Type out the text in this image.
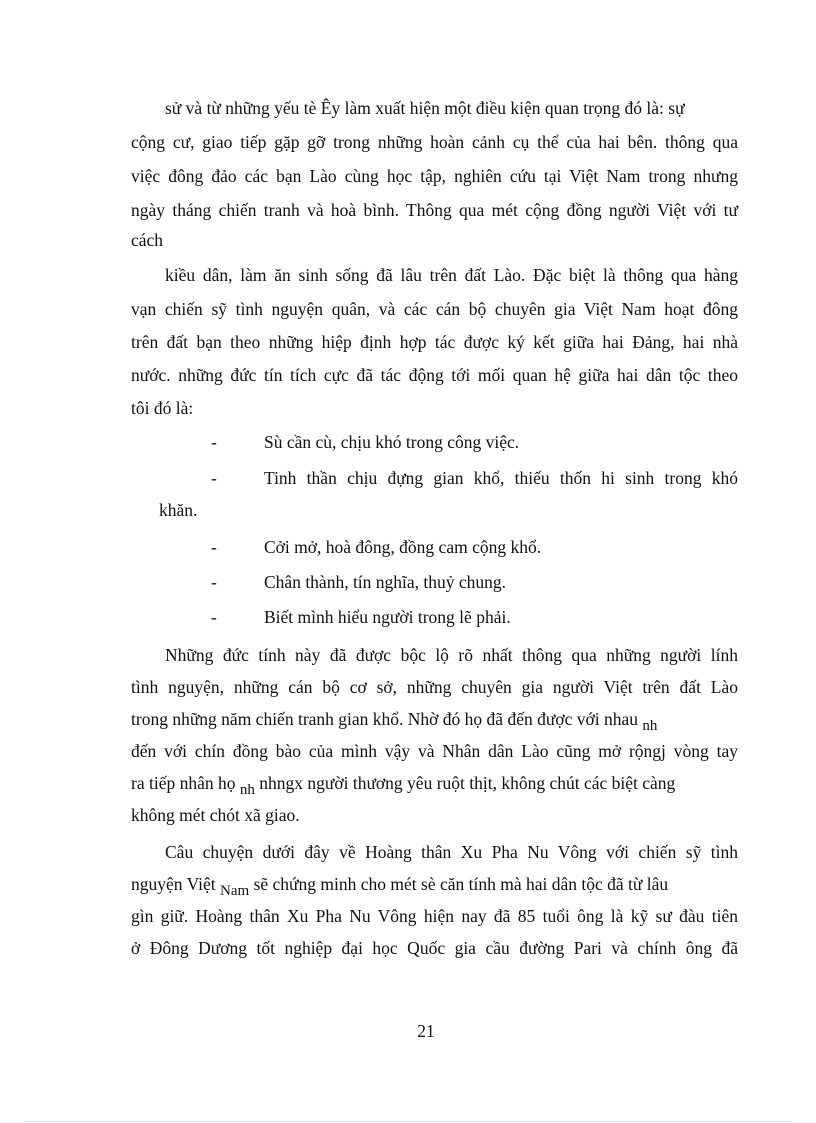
sử và từ những yếu tè Êy làm xuất hiện một điều kiện quan trọng đó là: sự
cộng cư, giao tiếp gặp gỡ trong những hoàn cảnh cụ thể của hai bên. thông qua
việc đông đảo các bạn Lào cùng học tập, nghiên cứu tại Việt Nam trong nhưng
ngày tháng chiến tranh và hoà bình. Thông qua mét cộng đồng người Việt với tư
cách
kiều dân, làm ăn sinh sống đã lâu trên đất Lào. Đặc biệt là thông qua hàng
vạn chiến sỹ tình nguyện quân, và các cán bộ chuyên gia Việt Nam hoạt đông
trên đất bạn theo những hiệp định hợp tác được ký kết giữa hai Đảng, hai nhà
nước. những đức tín tích cực đã tác động tới mối quan hệ giữa hai dân tộc theo
tôi đó là:
-	Sù cần cù, chịu khó trong công việc.
-	Tinh thần chịu đựng gian khổ, thiếu thốn hi sinh trong khó
khăn.
-	Cởi mở, hoà đông, đồng cam cộng khổ.
-	Chân thành, tín nghĩa, thuỷ chung.
-	Biết mình hiểu người trong lẽ phải.
Những đức tính này đã được bộc lộ rõ nhất thông qua những người lính
tình nguyện, những cán bộ cơ sở, những chuyên gia người Việt trên đất Lào
trong những năm chiến tranh gian khổ. Nhờ đó họ đã đến được với nhau nh
đến với chín đồng bào của mình vậy và Nhân dân Lào cũng mở rộngj vòng tay
ra tiếp nhân họ nh nhngx người thương yêu ruột thịt, không chút các biệt càng
không mét chót xã giao.
Câu chuyện dưới đây về Hoàng thân Xu Pha Nu Vông với chiến sỹ tình
nguyện Việt Nam sẽ chứng minh cho mét sè căn tính mà hai dân tộc đã từ lâu
gìn giữ. Hoàng thân Xu Pha Nu Vông hiện nay đã 85 tuổi ông là kỹ sư đàu tiên
ở Đông Dương tốt nghiệp đại học Quốc gia cầu đường Pari và chính ông đã
21
